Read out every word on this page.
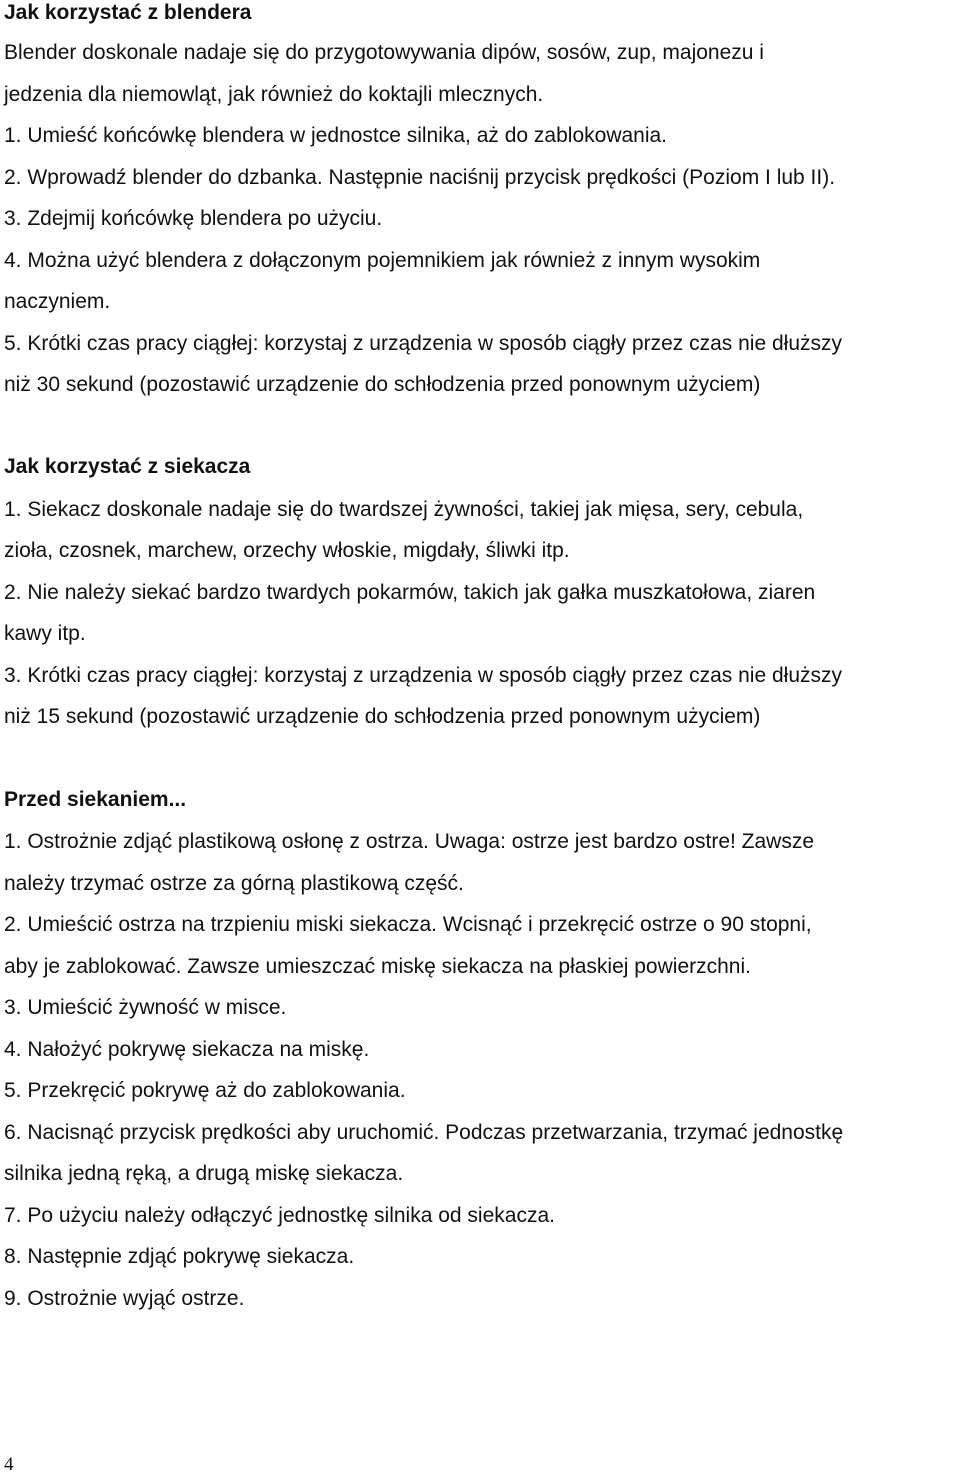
Jak korzystać z blendera

Blender doskonale nadaje się do przygotowywania dipów, sosów, zup, majonezu i

jedzenia dla niemowląt, jak również do koktajli mlecznych.

1. Umieść końcówkę blendera w jednostce silnika, aż do zablokowania.

2. Wprowadź blender do dzbanka. Następnie naciśnij przycisk prędkości (Poziom I lub II).

3. Zdejmij końcówkę blendera po użyciu.

4. Można użyć blendera z dołączonym pojemnikiem jak również z innym wysokim

naczyniem.

5. Krótki czas pracy ciągłej: korzystaj z urządzenia w sposób ciągły przez czas nie dłuższy

niż 30 sekund (pozostawić urządzenie do schłodzenia przed ponownym użyciem)

Jak korzystać z siekacza

1. Siekacz doskonale nadaje się do twardszej żywności, takiej jak mięsa, sery, cebula,

zioła, czosnek, marchew, orzechy włoskie, migdały, śliwki itp.

2. Nie należy siekać bardzo twardych pokarmów, takich jak gałka muszkatołowa, ziaren

kawy itp.

3. Krótki czas pracy ciągłej: korzystaj z urządzenia w sposób ciągły przez czas nie dłuższy

niż 15 sekund (pozostawić urządzenie do schłodzenia przed ponownym użyciem)

Przed siekaniem...

1. Ostrożnie zdjąć plastikową osłonę z ostrza. Uwaga: ostrze jest bardzo ostre! Zawsze

należy trzymać ostrze za górną plastikową część.

2. Umieścić ostrza na trzpieniu miski siekacza. Wcisnąć i przekręcić ostrze o 90 stopni,

aby je zablokować. Zawsze umieszczać miskę siekacza na płaskiej powierzchni.

3. Umieścić żywność w misce.

4. Nałożyć pokrywę siekacza na miskę.

5. Przekręcić pokrywę aż do zablokowania.

6. Nacisnąć przycisk prędkości aby uruchomić. Podczas przetwarzania, trzymać jednostkę

silnika jedną ręką, a drugą miskę siekacza.

7. Po użyciu należy odłączyć jednostkę silnika od siekacza.

8. Następnie zdjąć pokrywę siekacza.

9. Ostrożnie wyjąć ostrze.

4
